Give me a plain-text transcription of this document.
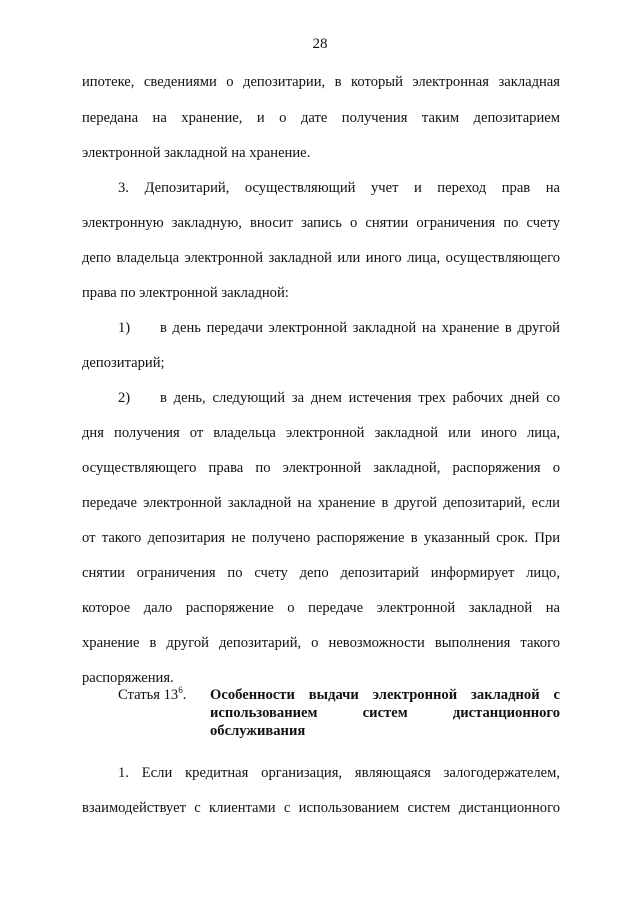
28
ипотеке, сведениями о депозитарии, в который электронная закладная
передана на хранение, и о дате получения таким депозитарием
электронной закладной на хранение.
3. Депозитарий, осуществляющий учет и переход прав на
электронную закладную, вносит запись о снятии ограничения по счету
депо владельца электронной закладной или иного лица, осуществляющего
права по электронной закладной:
1)	в день передачи электронной закладной на хранение в другой
депозитарий;
2)	в день, следующий за днем истечения трех рабочих дней со
дня получения от владельца электронной закладной или иного лица,
осуществляющего права по электронной закладной, распоряжения о
передаче электронной закладной на хранение в другой депозитарий, если
от такого депозитария не получено распоряжение в указанный срок. При
снятии ограничения по счету депо депозитарий информирует лицо,
которое дало распоряжение о передаче электронной закладной на
хранение в другой депозитарий, о невозможности выполнения такого
распоряжения.
Статья $13^6$. Особенности выдачи электронной закладной с
использованием систем дистанционного
обслуживания
1. Если кредитная организация, являющаяся залогодержателем,
взаимодействует с клиентами с использованием систем дистанционного
